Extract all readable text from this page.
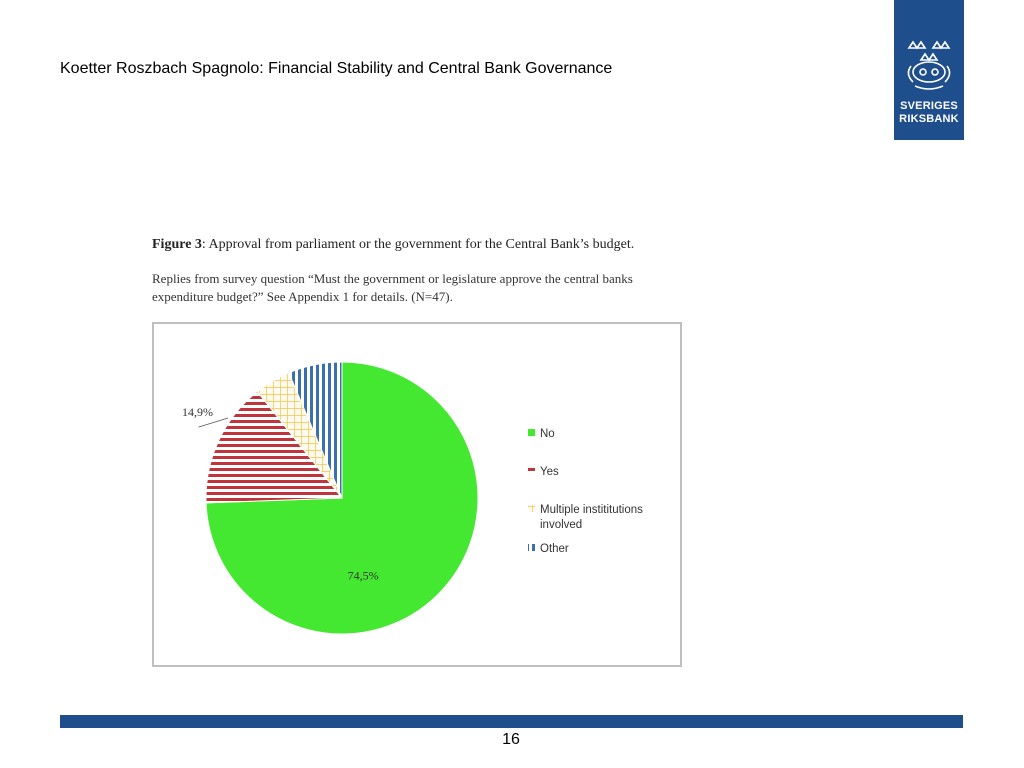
Koetter Roszbach Spagnolo: Financial Stability and Central Bank Governance
SVERIGES
RIKSBANK
Figure 3: Approval from parliament or the government for the Central Bank’s budget.
Replies from survey question “Must the government or legislature approve the central banks expenditure budget?” See Appendix 1 for details. (N=47).
74,5%
14,9%
No
Yes
Multiple instititutions
involved
Other
16
